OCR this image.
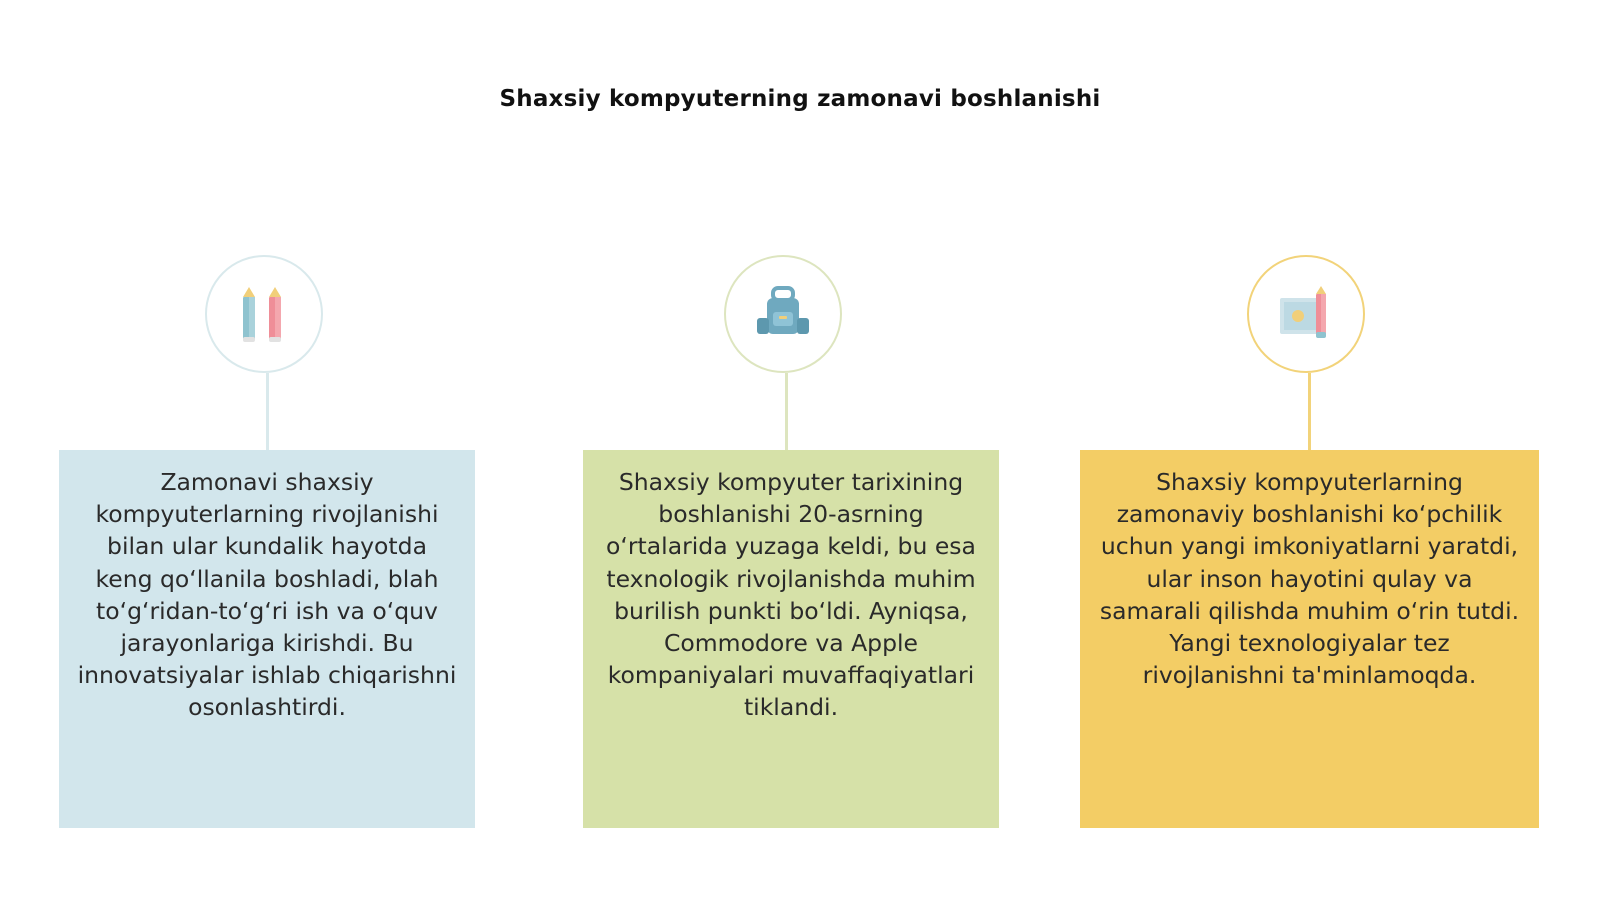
Shaxsiy kompyuterning zamonavi boshlanishi
Zamonavi shaxsiy kompyuterlarning rivojlanishi bilan ular kundalik hayotda keng qo‘llanila boshladi, blah to‘g‘ridan-to‘g‘ri ish va o‘quv jarayonlariga kirishdi. Bu innovatsiyalar ishlab chiqarishni osonlashtirdi.
Shaxsiy kompyuter tarixining boshlanishi 20-asrning o‘rtalarida yuzaga keldi, bu esa texnologik rivojlanishda muhim burilish punkti bo‘ldi. Ayniqsa, Commodore va Apple kompaniyalari muvaffaqiyatlari tiklandi.
Shaxsiy kompyuterlarning zamonaviy boshlanishi ko‘pchilik uchun yangi imkoniyatlarni yaratdi, ular inson hayotini qulay va samarali qilishda muhim o‘rin tutdi. Yangi texnologiyalar tez rivojlanishni ta'minlamoqda.
